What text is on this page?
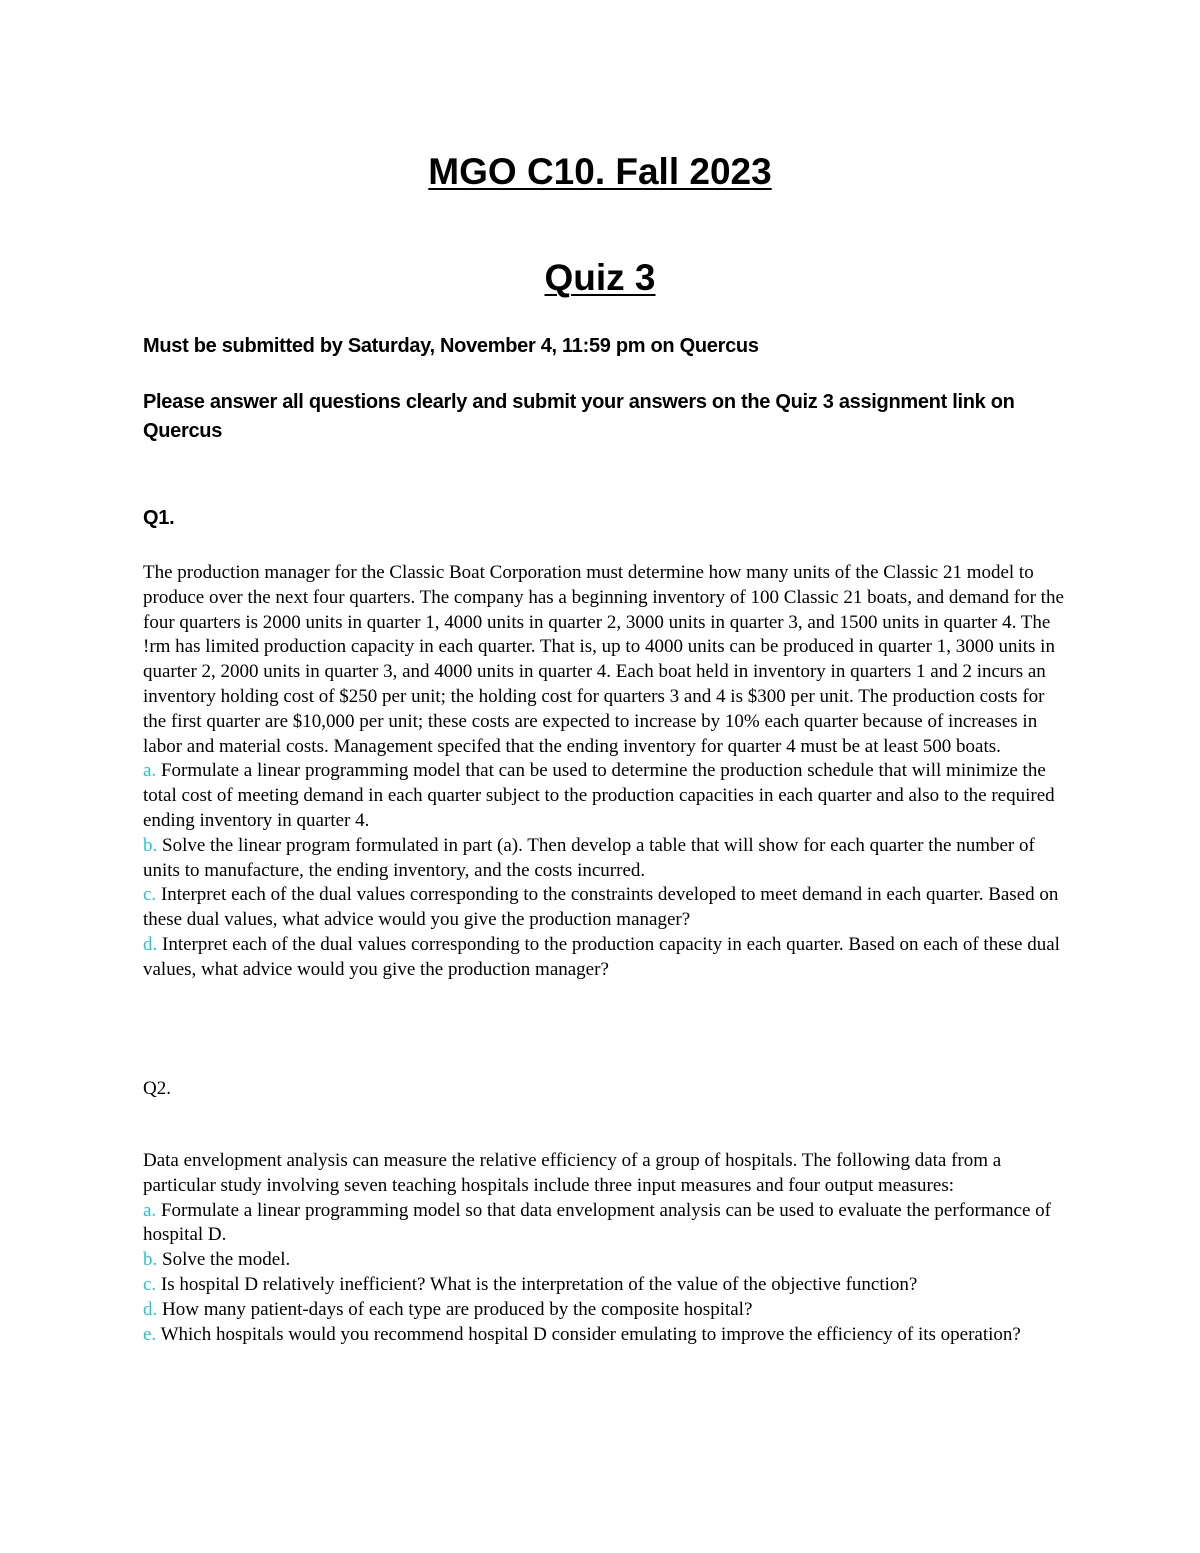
MGO C10. Fall 2023
Quiz 3

Must be submitted by Saturday, November 4, 11:59 pm on Quercus

Please answer all questions clearly and submit your answers on the Quiz 3 assignment link on Quercus

Q1.

The production manager for the Classic Boat Corporation must determine how many units of the Classic 21 model to produce over the next four quarters. The company has a beginning inventory of 100 Classic 21 boats, and demand for the four quarters is 2000 units in quarter 1, 4000 units in quarter 2, 3000 units in quarter 3, and 1500 units in quarter 4. The !rm has limited production capacity in each quarter. That is, up to 4000 units can be produced in quarter 1, 3000 units in quarter 2, 2000 units in quarter 3, and 4000 units in quarter 4. Each boat held in inventory in quarters 1 and 2 incurs an inventory holding cost of $250 per unit; the holding cost for quarters 3 and 4 is $300 per unit. The production costs for the first quarter are $10,000 per unit; these costs are expected to increase by 10% each quarter because of increases in labor and material costs. Management specifed that the ending inventory for quarter 4 must be at least 500 boats.
a. Formulate a linear programming model that can be used to determine the production schedule that will minimize the total cost of meeting demand in each quarter subject to the production capacities in each quarter and also to the required ending inventory in quarter 4.
b. Solve the linear program formulated in part (a). Then develop a table that will show for each quarter the number of units to manufacture, the ending inventory, and the costs incurred.
c. Interpret each of the dual values corresponding to the constraints developed to meet demand in each quarter. Based on these dual values, what advice would you give the production manager?
d. Interpret each of the dual values corresponding to the production capacity in each quarter. Based on each of these dual values, what advice would you give the production manager?

Q2.

Data envelopment analysis can measure the relative efficiency of a group of hospitals. The following data from a particular study involving seven teaching hospitals include three input measures and four output measures:
a. Formulate a linear programming model so that data envelopment analysis can be used to evaluate the performance of hospital D.
b. Solve the model.
c. Is hospital D relatively inefficient? What is the interpretation of the value of the objective function?
d. How many patient-days of each type are produced by the composite hospital?
e. Which hospitals would you recommend hospital D consider emulating to improve the efficiency of its operation?
